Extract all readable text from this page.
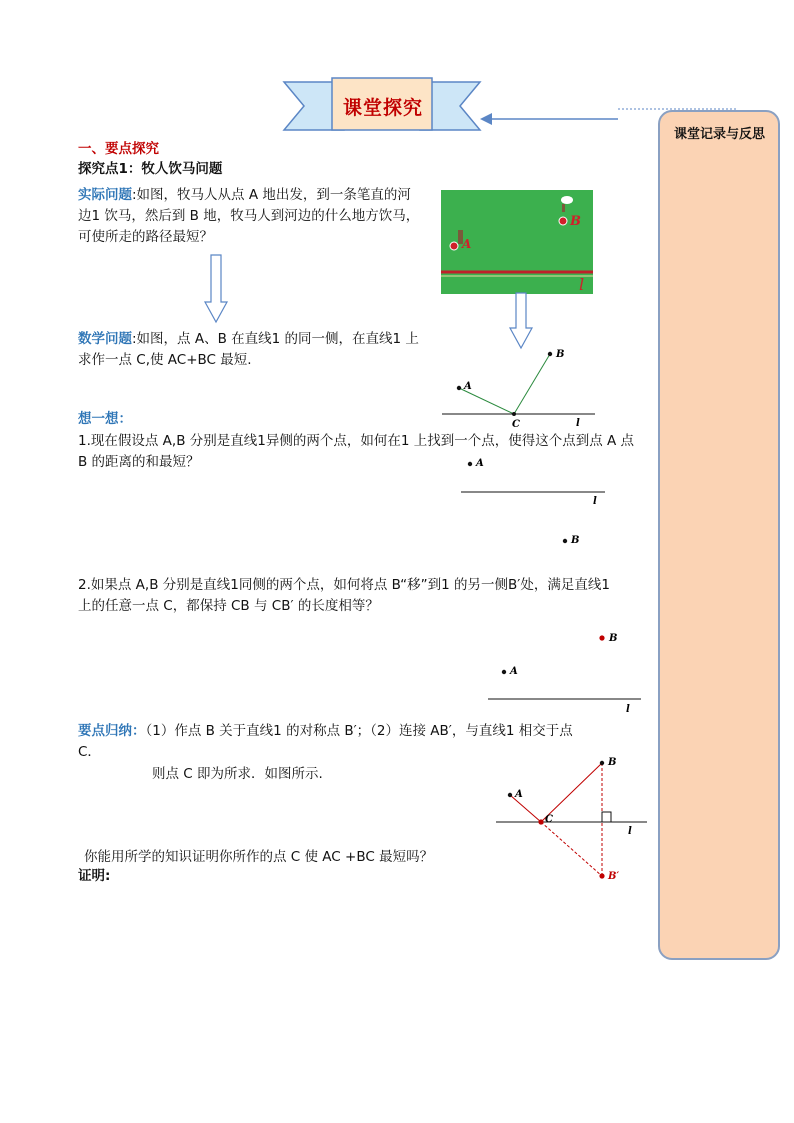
课堂探究
课堂记录与反思
一、要点探究
探究点1：牧人饮马问题
实际问题:如图，牧马人从点 A 地出发，到一条笔直的河
边1 饮马，然后到 B 地，牧马人到河边的什么地方饮马，
可使所走的路径最短？	A
B
l
数学问题:如图，点 A、B 在直线1 的同一侧，在直线1 上
求作一点 C,使 AC+BC 最短.
A
B
C	l
想一想：
1.现在假设点 A,B 分别是直线1异侧的两个点，如何在1 上找到一个点，使得这个点到点 A 点
B 的距离的和最短？	A
B
l
2.如果点 A,B 分别是直线1同侧的两个点，如何将点 B“移”到1 的另一侧B′处，满足直线1
上的任意一点 C，都保持 CB 与 CB′ 的长度相等？
A
B
l
要点归纳：（1）作点 B 关于直线1 的对称点 B′；（2）连接 AB′，与直线1 相交于点
C．
则点 C 即为所求．如图所示.
A
B
C
l
B′
你能用所学的知识证明你所作的点 C 使 AC +BC 最短吗？
证明:
